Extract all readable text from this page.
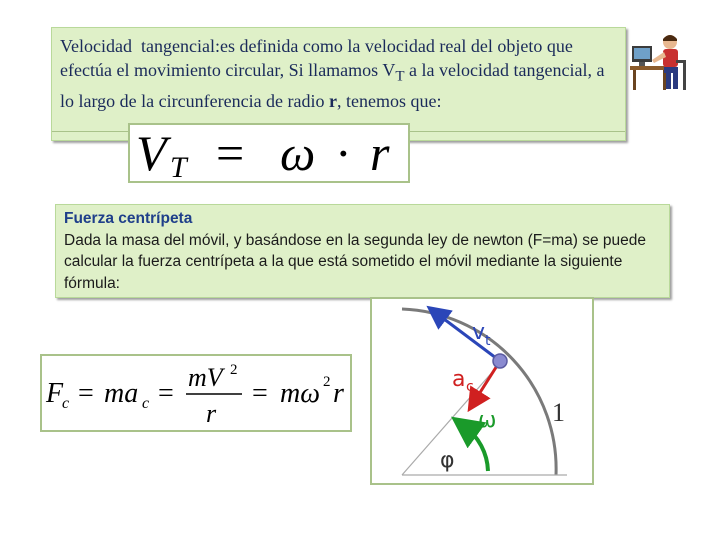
Velocidad tangencial:es definida como la velocidad real del objeto que efectúa el movimiento circular, Si llamamos $V_T$ a la velocidad tangencial, a lo largo de la circunferencia de radio r, tenemos que:
V T = ω · r
Fuerza centrípeta
Dada la masa del móvil, y basándose en la segunda ley de newton (F=ma) se puede calcular la fuerza centrípeta a la que está sometido el móvil mediante la siguiente fórmula:
v t
a c
ω
φ
1
F
c = ma c =
mV 2
r
= mω 2 r
